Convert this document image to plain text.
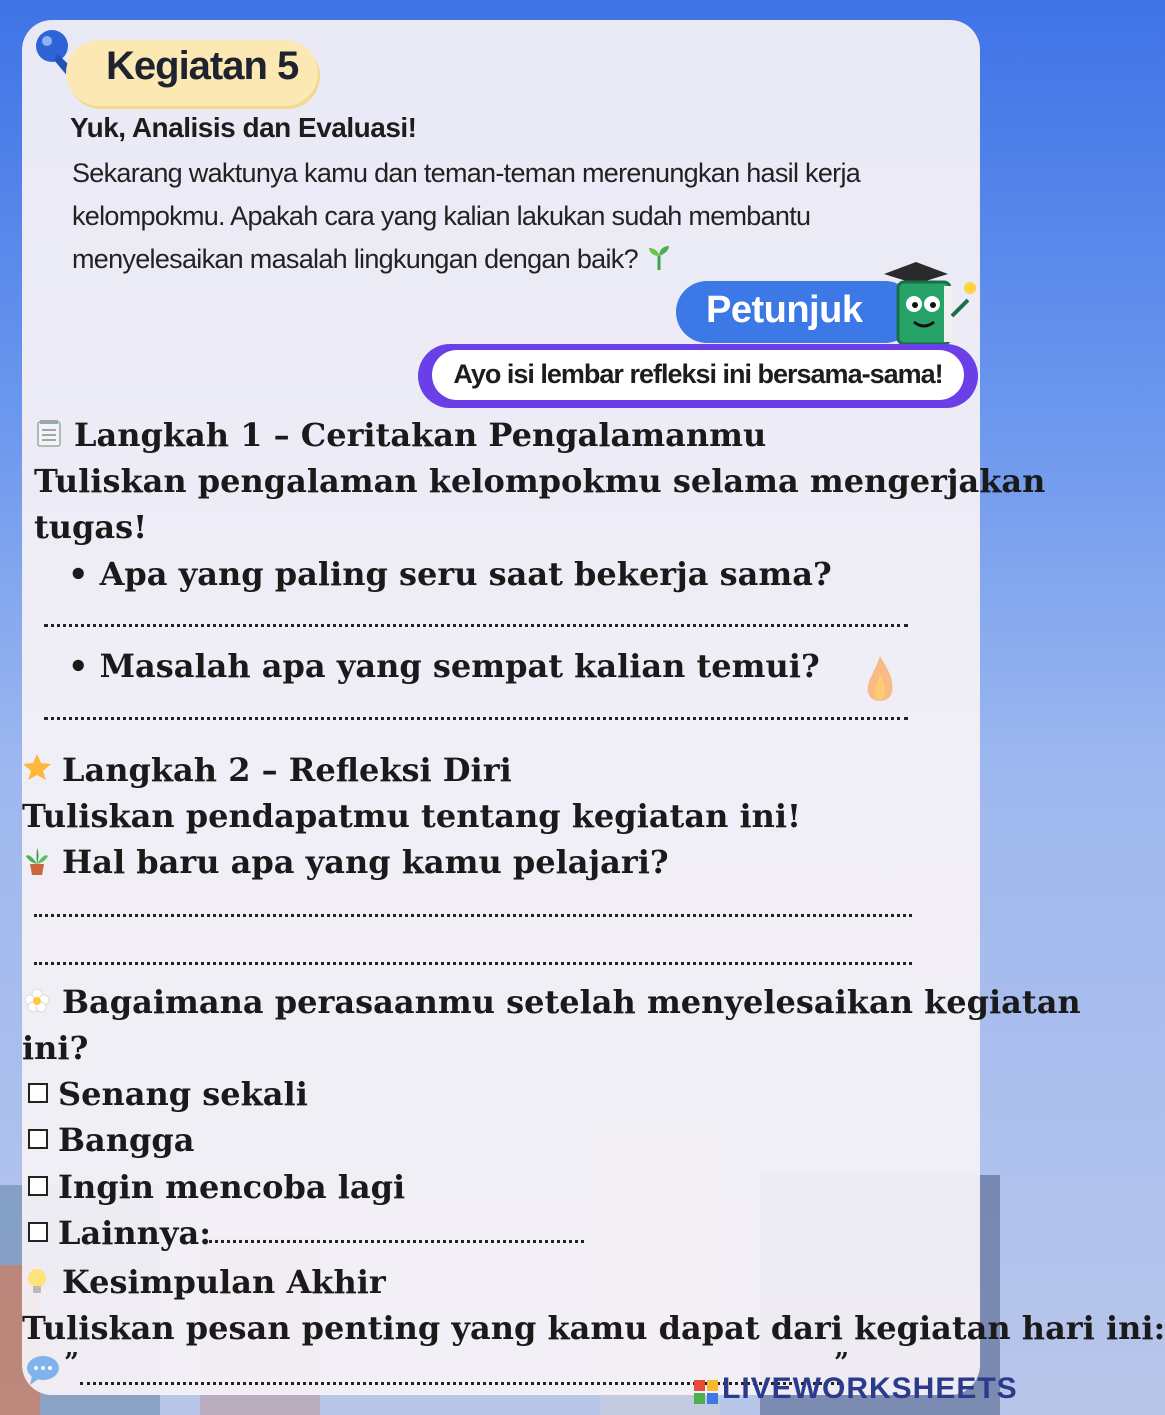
Kegiatan 5
Yuk, Analisis dan Evaluasi!
Sekarang waktunya kamu dan teman-teman merenungkan hasil kerja
kelompokmu. Apakah cara yang kalian lakukan sudah membantu
menyelesaikan masalah lingkungan dengan baik?
Petunjuk
Ayo isi lembar refleksi ini bersama-sama!
Langkah 1 – Ceritakan Pengalamanmu
Tuliskan pengalaman kelompokmu selama mengerjakan
tugas!
• Apa yang paling seru saat bekerja sama?
• Masalah apa yang sempat kalian temui?
Langkah 2 – Refleksi Diri
Tuliskan pendapatmu tentang kegiatan ini!
Hal baru apa yang kamu pelajari?
Bagaimana perasaanmu setelah menyelesaikan kegiatan
ini?
Senang sekali
Bangga
Ingin mencoba lagi
Lainnya:
Kesimpulan Akhir
Tuliskan pesan penting yang kamu dapat dari kegiatan hari ini:
”	”
LIVEWORKSHEETS
